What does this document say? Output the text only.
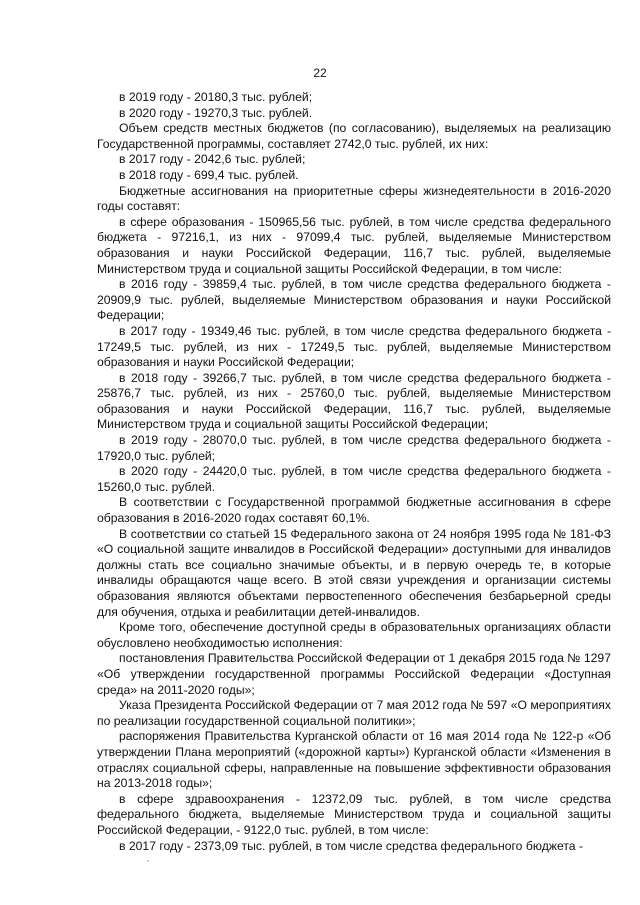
22

в 2019 году - 20180,3 тыс. рублей;

в 2020 году - 19270,3 тыс. рублей.

Объем средств местных бюджетов (по согласованию), выделяемых на реализацию Государственной программы, составляет 2742,0 тыс. рублей, их них:

в 2017 году - 2042,6 тыс. рублей;

в 2018 году - 699,4 тыс. рублей.

Бюджетные ассигнования на приоритетные сферы жизнедеятельности в 2016-2020 годы составят:

в сфере образования - 150965,56 тыс. рублей, в том числе средства федерального бюджета - 97216,1, из них - 97099,4 тыс. рублей, выделяемые Министерством образования и науки Российской Федерации, 116,7 тыс. рублей, выделяемые Министерством труда и социальной защиты Российской Федерации, в том числе:

в 2016 году - 39859,4 тыс. рублей, в том числе средства федерального бюджета - 20909,9 тыс. рублей, выделяемые Министерством образования и науки Российской Федерации;

в 2017 году - 19349,46 тыс. рублей, в том числе средства федерального бюджета - 17249,5 тыс. рублей, из них - 17249,5 тыс. рублей, выделяемые Министерством образования и науки Российской Федерации;

в 2018 году - 39266,7 тыс. рублей, в том числе средства федерального бюджета - 25876,7 тыс. рублей, из них - 25760,0 тыс. рублей, выделяемые Министерством образования и науки Российской Федерации, 116,7 тыс. рублей, выделяемые Министерством труда и социальной защиты Российской Федерации;

в 2019 году - 28070,0 тыс. рублей, в том числе средства федерального бюджета - 17920,0 тыс. рублей;

в 2020 году - 24420,0 тыс. рублей, в том числе средства федерального бюджета - 15260,0 тыс. рублей.

В соответствии с Государственной программой бюджетные ассигнования в сфере образования в 2016-2020 годах составят 60,1%.

В соответствии со статьей 15 Федерального закона от 24 ноября 1995 года № 181-ФЗ «О социальной защите инвалидов в Российской Федерации» доступными для инвалидов должны стать все социально значимые объекты, и в первую очередь те, в которые инвалиды обращаются чаще всего. В этой связи учреждения и организации системы образования являются объектами первостепенного обеспечения безбарьерной среды для обучения, отдыха и реабилитации детей-инвалидов.

Кроме того, обеспечение доступной среды в образовательных организациях области обусловлено необходимостью исполнения:

постановления Правительства Российской Федерации от 1 декабря 2015 года № 1297 «Об утверждении государственной программы Российской Федерации «Доступная среда» на 2011-2020 годы»;

Указа Президента Российской Федерации от 7 мая 2012 года № 597 «О мероприятиях по реализации государственной социальной политики»;

распоряжения Правительства Курганской области от 16 мая 2014 года № 122-р «Об утверждении Плана мероприятий («дорожной карты») Курганской области «Изменения в отраслях социальной сферы, направленные на повышение эффективности образования на 2013-2018 годы»;

в сфере здравоохранения - 12372,09 тыс. рублей, в том числе средства федерального бюджета, выделяемые Министерством труда и социальной защиты Российской Федерации, - 9122,0 тыс. рублей, в том числе:

в 2017 году - 2373,09 тыс. рублей, в том числе средства федерального бюджета -
